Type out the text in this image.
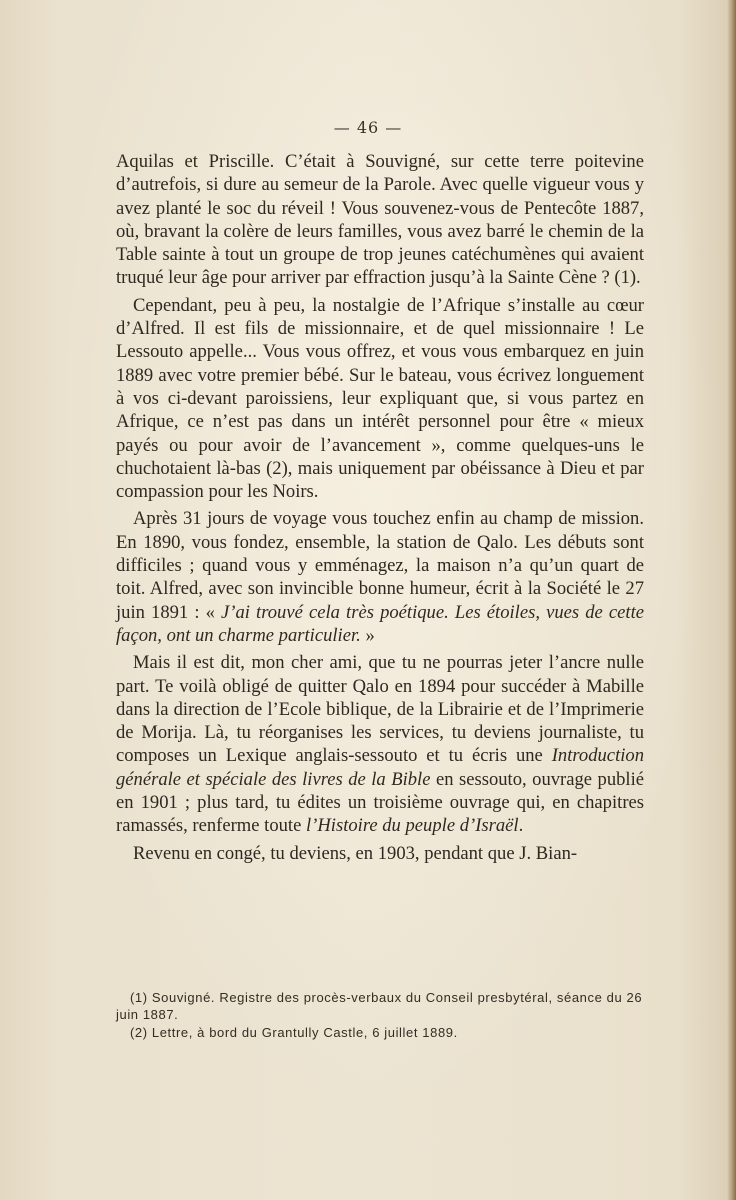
— 46 —

Aquilas et Priscille. C’était à Souvigné, sur cette terre poitevine d’autrefois, si dure au semeur de la Parole. Avec quelle vigueur vous y avez planté le soc du réveil ! Vous souvenez-vous de Pentecôte 1887, où, bravant la colère de leurs familles, vous avez barré le chemin de la Table sainte à tout un groupe de trop jeunes catéchumènes qui avaient truqué leur âge pour arriver par effraction jusqu’à la Sainte Cène ? (1).

Cependant, peu à peu, la nostalgie de l’Afrique s’installe au cœur d’Alfred. Il est fils de missionnaire, et de quel missionnaire ! Le Lessouto appelle... Vous vous offrez, et vous vous embarquez en juin 1889 avec votre premier bébé. Sur le bateau, vous écrivez longuement à vos ci-devant paroissiens, leur expliquant que, si vous partez en Afrique, ce n’est pas dans un intérêt personnel pour être « mieux payés ou pour avoir de l’avancement », comme quelques-uns le chuchotaient là-bas (2), mais uniquement par obéissance à Dieu et par compassion pour les Noirs.

Après 31 jours de voyage vous touchez enfin au champ de mission. En 1890, vous fondez, ensemble, la station de Qalo. Les débuts sont difficiles ; quand vous y emménagez, la maison n’a qu’un quart de toit. Alfred, avec son invincible bonne humeur, écrit à la Société le 27 juin 1891 : « J’ai trouvé cela très poétique. Les étoiles, vues de cette façon, ont un charme particulier. »

Mais il est dit, mon cher ami, que tu ne pourras jeter l’ancre nulle part. Te voilà obligé de quitter Qalo en 1894 pour succéder à Mabille dans la direction de l’Ecole biblique, de la Librairie et de l’Imprimerie de Morija. Là, tu réorganises les services, tu deviens journaliste, tu composes un Lexique anglais-sessouto et tu écris une Introduction générale et spéciale des livres de la Bible en sessouto, ouvrage publié en 1901 ; plus tard, tu édites un troisième ouvrage qui, en chapitres ramassés, renferme toute l’Histoire du peuple d’Israël.

Revenu en congé, tu deviens, en 1903, pendant que J. Bian-

(1) Souvigné. Registre des procès-verbaux du Conseil presbytéral, séance du 26 juin 1887.

(2) Lettre, à bord du Grantully Castle, 6 juillet 1889.
